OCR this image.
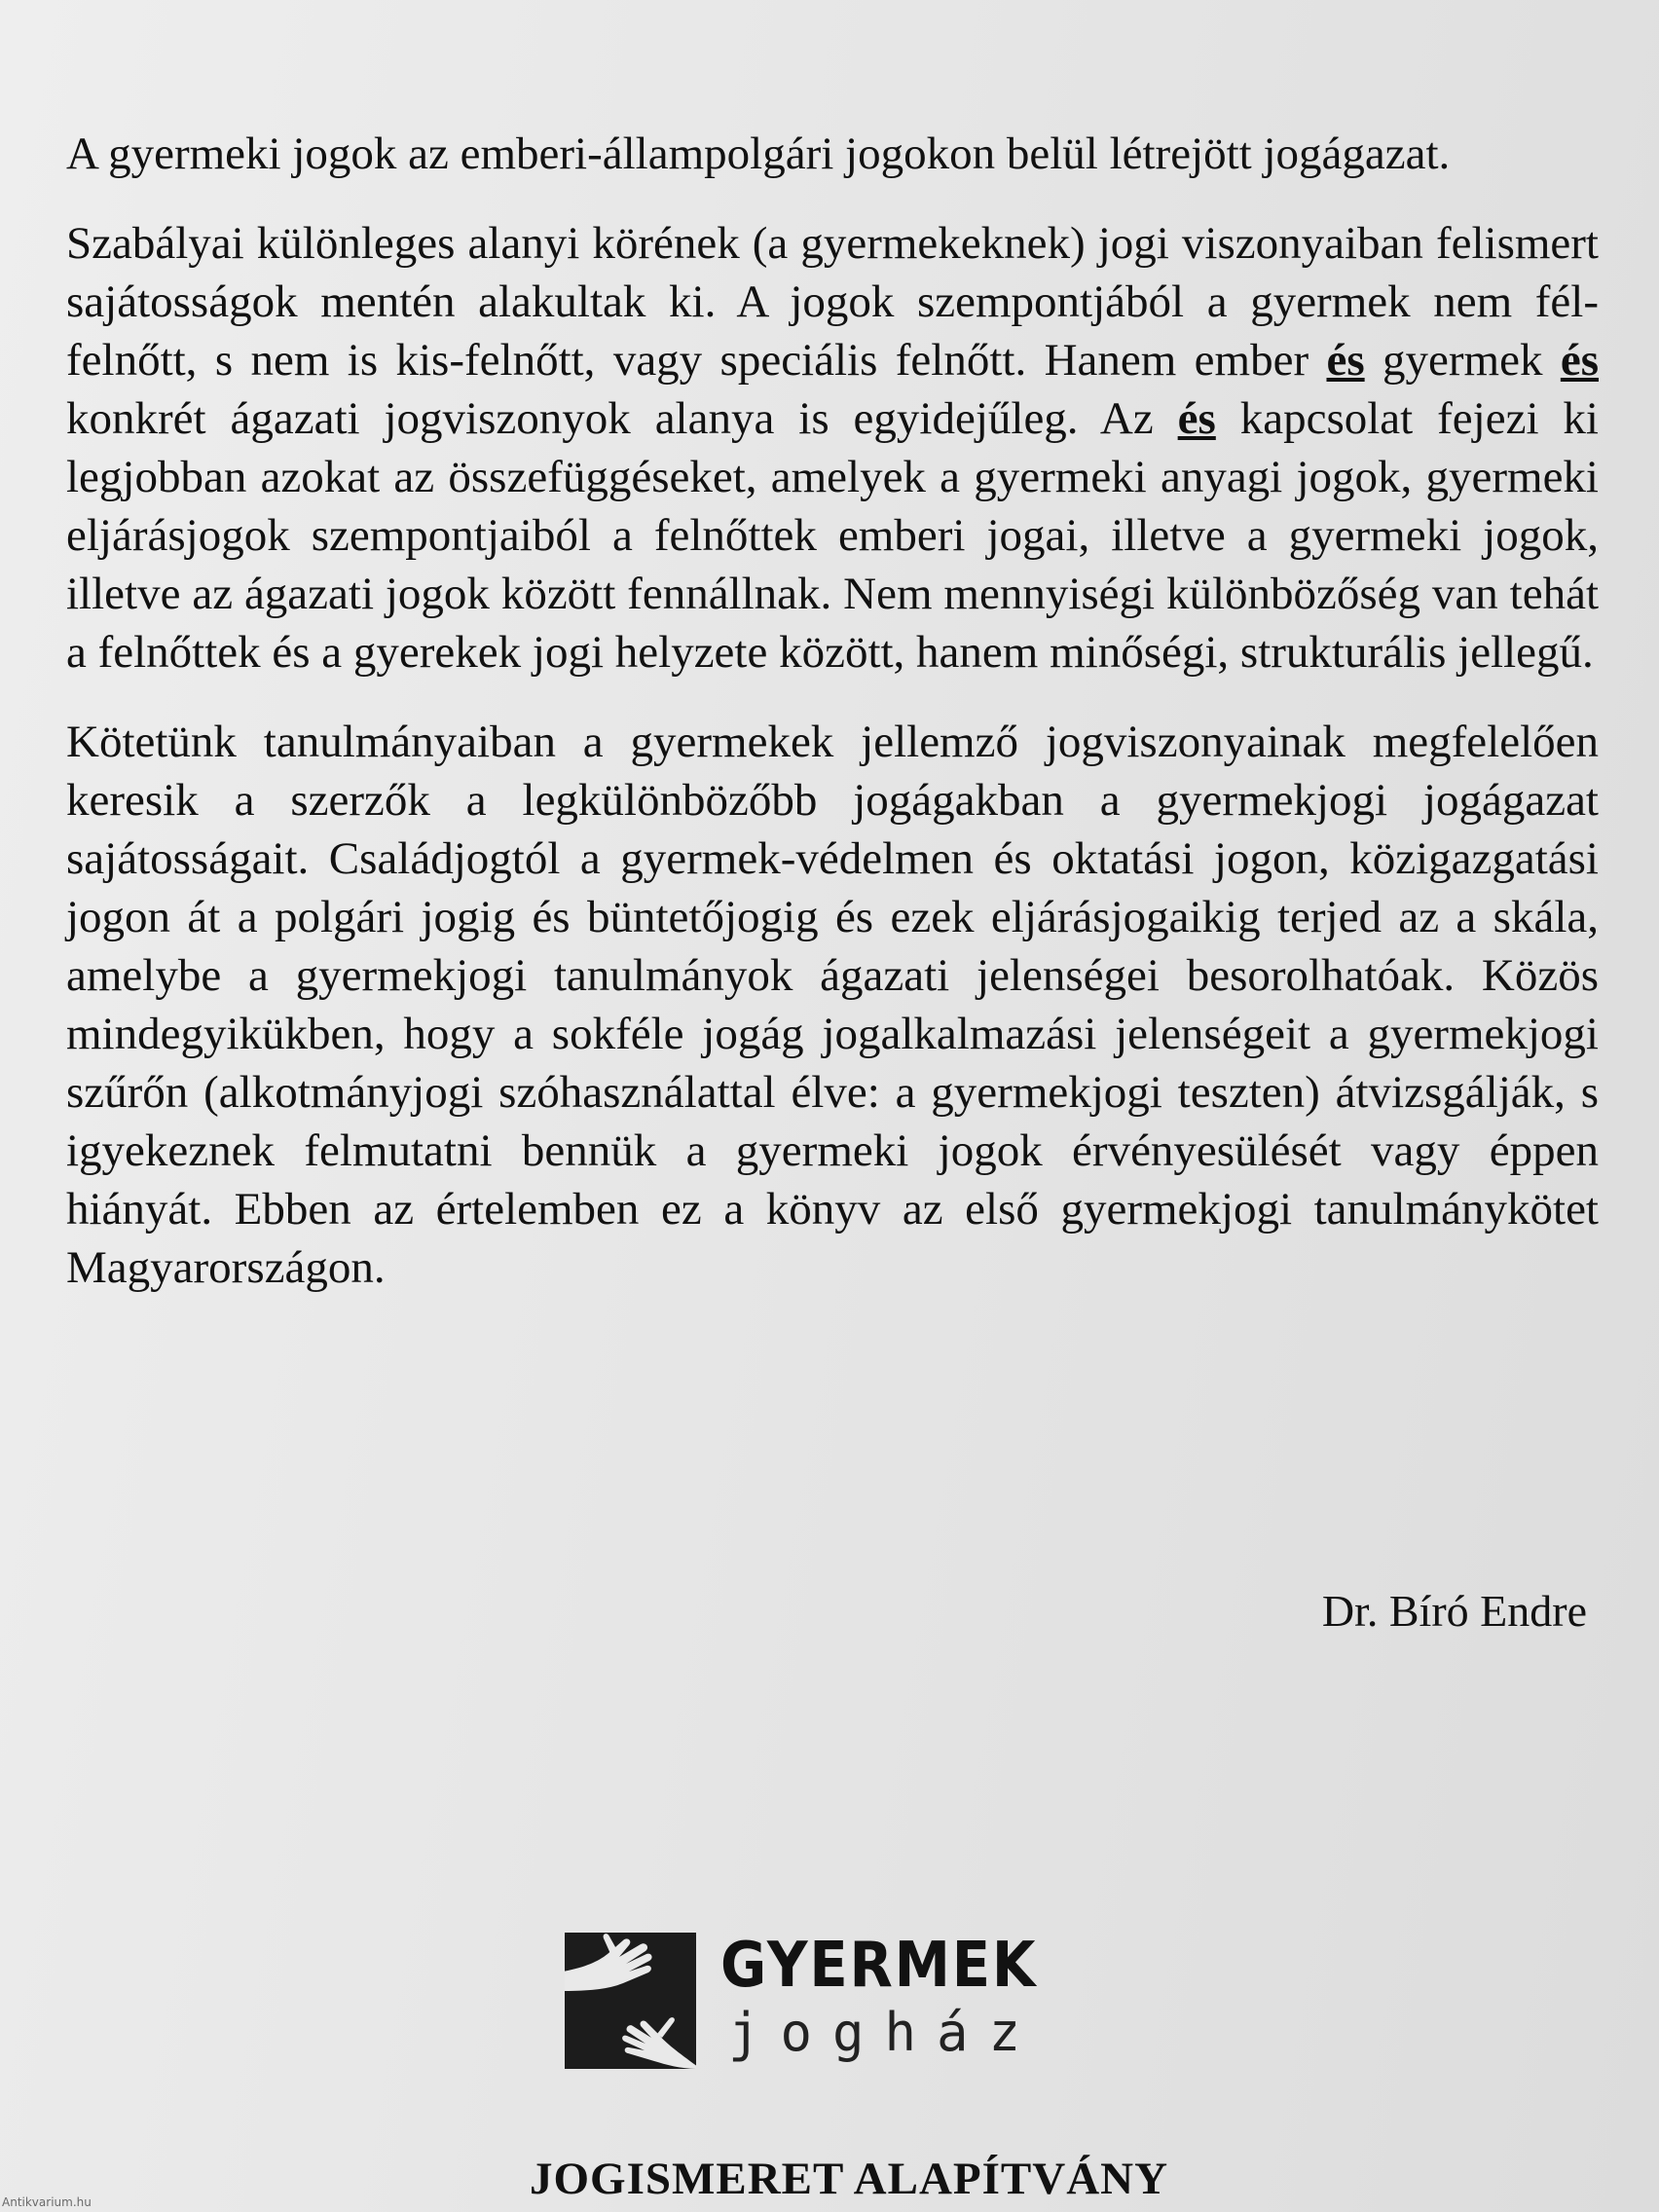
A gyermeki jogok az emberi-állampolgári jogokon belül létrejött jogágazat.

Szabályai különleges alanyi körének (a gyermekeknek) jogi viszonyaiban felismert sajátosságok mentén alakultak ki. A jogok szempontjából a gyermek nem fél-felnőtt, s nem is kis-felnőtt, vagy speciális felnőtt. Hanem ember és gyermek és konkrét ágazati jogviszonyok alanya is egyidejűleg. Az és kapcsolat fejezi ki legjobban azokat az összefüggéseket, amelyek a gyermeki anyagi jogok, gyermeki eljárásjogok szempontjaiból a felnőttek emberi jogai, illetve a gyermeki jogok, illetve az ágazati jogok között fennállnak. Nem mennyiségi különbözőség van tehát a felnőttek és a gyerekek jogi helyzete között, hanem minőségi, strukturális jellegű.

Kötetünk tanulmányaiban a gyermekek jellemző jogviszonyainak megfelelően keresik a szerzők a legkülönbözőbb jogágakban a gyermekjogi jogágazat sajátosságait. Családjogtól a gyermek-védelmen és oktatási jogon, közigazgatási jogon át a polgári jogig és büntetőjogig és ezek eljárásjogaikig terjed az a skála, amelybe a gyermekjogi tanulmányok ágazati jelenségei besorolhatóak. Közös mindegyikükben, hogy a sokféle jogág jogalkalmazási jelenségeit a gyermekjogi szűrőn (alkotmányjogi szóhasználattal élve: a gyermekjogi teszten) átvizsgálják, s igyekeznek felmutatni bennük a gyermeki jogok érvényesülését vagy éppen hiányát. Ebben az értelemben ez a könyv az első gyermekjogi tanulmánykötet Magyarországon.

Dr. Bíró Endre
GYERMEK
jogház
JOGISMERET ALAPÍTVÁNY
Antikvarium.hu
